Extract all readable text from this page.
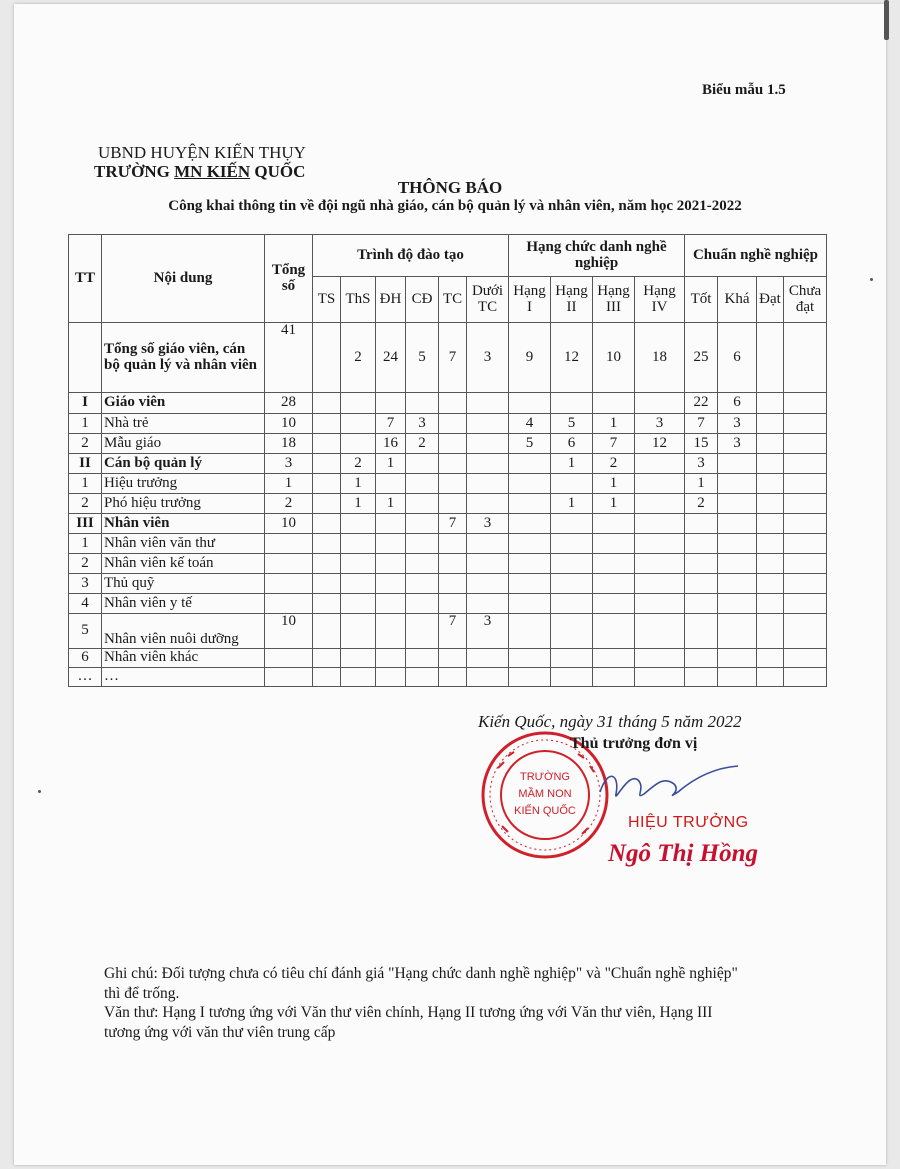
Biểu mẫu 1.5
UBND HUYỆN KIẾN THỤY
TRƯỜNG MN KIẾN QUỐC
THÔNG BÁO
Công khai thông tin về đội ngũ nhà giáo, cán bộ quản lý và nhân viên, năm học 2021-2022
TT	Nội dung	Tổng số	Trình độ đào tạo						Hạng chức danh nghề nghiệp				Chuẩn nghề nghiệp			
			TS	ThS	ĐH	CĐ	TC	Dưới TC	Hạng I	Hạng II	Hạng III	Hạng IV	Tốt	Khá	Đạt	Chưa đạt
	Tổng số giáo viên, cán bộ quản lý và nhân viên	41		2	24	5	7	3	9	12	10	18	25	6		
I	Giáo viên	28											22	6		
1	Nhà trẻ	10			7	3			4	5	1	3	7	3		
2	Mẫu giáo	18			16	2			5	6	7	12	15	3		
II	Cán bộ quản lý	3		2	1					1	2		3			
1	Hiệu trưởng	1		1							1		1			
2	Phó hiệu trưởng	2		1	1					1	1		2			
III	Nhân viên	10					7	3								
1	Nhân viên văn thư															
2	Nhân viên kế toán															
3	Thủ quỹ															
4	Nhân viên y tế															
5	Nhân viên nuôi dưỡng	10					7	3								
6	Nhân viên khác															
…	…															
Kiến Quốc, ngày 31 tháng 5 năm 2022
TRƯỜNG
MẦM NON
KIẾN QUỐC
Thủ trưởng đơn vị
HIỆU TRƯỞNG
Ngô Thị Hồng
Ghi chú: Đối tượng chưa có tiêu chí đánh giá "Hạng chức danh nghề nghiệp" và "Chuẩn nghề nghiệp"
thì để trống.
Văn thư: Hạng I tương ứng với Văn thư viên chính, Hạng II tương ứng với Văn thư viên, Hạng III
tương ứng với văn thư viên trung cấp
